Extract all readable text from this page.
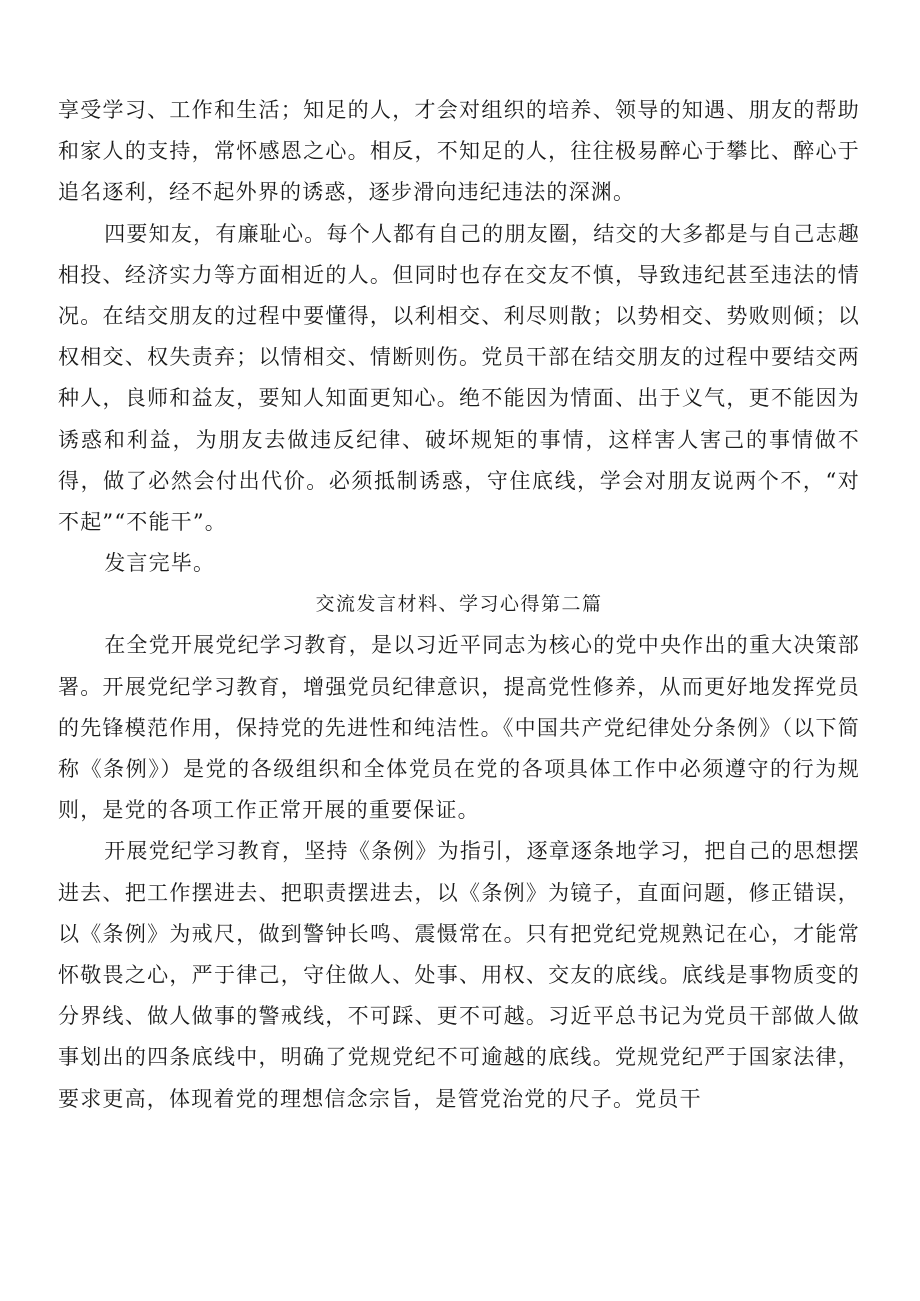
享受学习、工作和生活；知足的人，才会对组织的培养、领导的知遇、朋友的帮助和家人的支持，常怀感恩之心。相反，不知足的人，往往极易醉心于攀比、醉心于追名逐利，经不起外界的诱惑，逐步滑向违纪违法的深渊。

四要知友，有廉耻心。每个人都有自己的朋友圈，结交的大多都是与自己志趣相投、经济实力等方面相近的人。但同时也存在交友不慎，导致违纪甚至违法的情况。在结交朋友的过程中要懂得，以利相交、利尽则散；以势相交、势败则倾；以权相交、权失责弃；以情相交、情断则伤。党员干部在结交朋友的过程中要结交两种人，良师和益友，要知人知面更知心。绝不能因为情面、出于义气，更不能因为诱惑和利益，为朋友去做违反纪律、破坏规矩的事情，这样害人害己的事情做不得，做了必然会付出代价。必须抵制诱惑，守住底线，学会对朋友说两个不，“对不起”“不能干”。

发言完毕。

交流发言材料、学习心得第二篇

在全党开展党纪学习教育，是以习近平同志为核心的党中央作出的重大决策部署。开展党纪学习教育，增强党员纪律意识，提高党性修养，从而更好地发挥党员的先锋模范作用，保持党的先进性和纯洁性。《中国共产党纪律处分条例》（以下简称《条例》）是党的各级组织和全体党员在党的各项具体工作中必须遵守的行为规则，是党的各项工作正常开展的重要保证。

开展党纪学习教育，坚持《条例》为指引，逐章逐条地学习，把自己的思想摆进去、把工作摆进去、把职责摆进去，以《条例》为镜子，直面问题，修正错误，以《条例》为戒尺，做到警钟长鸣、震慑常在。只有把党纪党规熟记在心，才能常怀敬畏之心，严于律己，守住做人、处事、用权、交友的底线。底线是事物质变的分界线、做人做事的警戒线，不可踩、更不可越。习近平总书记为党员干部做人做事划出的四条底线中，明确了党规党纪不可逾越的底线。党规党纪严于国家法律，要求更高，体现着党的理想信念宗旨，是管党治党的尺子。党员干
